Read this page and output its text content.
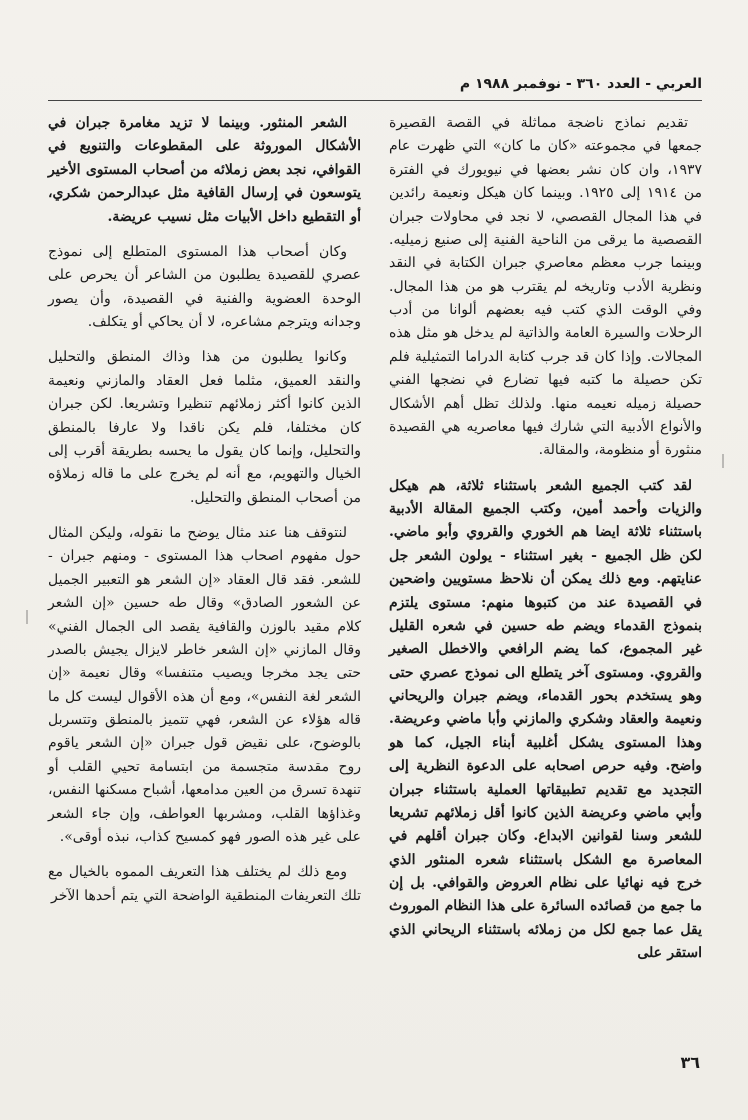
العربي - العدد ٣٦٠ - نوفمبر ١٩٨٨ م

تقديم نماذج ناضجة مماثلة في القصة القصيرة جمعها في مجموعته «كان ما كان» التي ظهرت عام ١٩٣٧، وان كان نشر بعضها في نيويورك في الفترة من ١٩١٤ إلى ١٩٢٥. وبينما كان هيكل ونعيمة رائدين في هذا المجال القصصي، لا نجد في محاولات جبران القصصية ما يرقى من الناحية الفنية إلى صنيع زميليه. وبينما جرب معظم معاصري جبران الكتابة في النقد ونظرية الأدب وتاريخه لم يقترب هو من هذا المجال. وفي الوقت الذي كتب فيه بعضهم ألوانا من أدب الرحلات والسيرة العامة والذاتية لم يدخل هو مثل هذه المجالات. وإذا كان قد جرب كتابة الدراما التمثيلية فلم تكن حصيلة ما كتبه فيها تضارع في نضجها الفني حصيلة زميله نعيمه منها. ولذلك تظل أهم الأشكال والأنواع الأدبية التي شارك فيها معاصريه هي القصيدة منثورة أو منظومة، والمقالة.

لقد كتب الجميع الشعر باستثناء ثلاثة، هم هيكل والزيات وأحمد أمين، وكتب الجميع المقالة الأدبية باستثناء ثلاثة ايضا هم الخوري والقروي وأبو ماضي. لكن ظل الجميع - بغير استثناء - يولون الشعر جل عنايتهم. ومع ذلك يمكن أن نلاحظ مستويين واضحين في القصيدة عند من كتبوها منهم: مستوى يلتزم بنموذج القدماء ويضم طه حسين في شعره القليل غير المجموع، كما يضم الرافعي والاخطل الصغير والقروي. ومستوى آخر يتطلع الى نموذج عصري حتى وهو يستخدم بحور القدماء، ويضم جبران والريحاني ونعيمة والعقاد وشكري والمازني وأبا ماضي وعريضة. وهذا المستوى يشكل أغلبية أبناء الجيل، كما هو واضح. وفيه حرص اصحابه على الدعوة النظرية إلى التجديد مع تقديم تطبيقاتها العملية باستثناء جبران وأبي ماضي وعريضة الذين كانوا أقل زملائهم تشريعا للشعر وسنا لقوانين الابداع. وكان جبران أقلهم في المعاصرة مع الشكل باستثناء شعره المنثور الذي خرج فيه نهائيا على نظام العروض والقوافي. بل إن ما جمع من قصائده السائرة على هذا النظام الموروث يقل عما جمع لكل من زملائه باستثناء الريحاني الذي استقر على

الشعر المنثور. وبينما لا تزيد مغامرة جبران في الأشكال الموروثة على المقطوعات والتنويع في القوافي، نجد بعض زملائه من أصحاب المستوى الأخير يتوسعون في إرسال القافية مثل عبدالرحمن شكري، أو التقطيع داخل الأبيات مثل نسيب عريضة.

وكان أصحاب هذا المستوى المتطلع إلى نموذج عصري للقصيدة يطلبون من الشاعر أن يحرص على الوحدة العضوية والفنية في القصيدة، وأن يصور وجدانه ويترجم مشاعره، لا أن يحاكي أو يتكلف.

وكانوا يطلبون من هذا وذاك المنطق والتحليل والنقد العميق، مثلما فعل العقاد والمازني ونعيمة الذين كانوا أكثر زملائهم تنظيرا وتشريعا. لكن جبران كان مختلفا، فلم يكن ناقدا ولا عارفا بالمنطق والتحليل، وإنما كان يقول ما يحسه بطريقة أقرب إلى الخيال والتهويم، مع أنه لم يخرج على ما قاله زملاؤه من أصحاب المنطق والتحليل.

لنتوقف هنا عند مثال يوضح ما نقوله، وليكن المثال حول مفهوم اصحاب هذا المستوى - ومنهم جبران - للشعر. فقد قال العقاد «إن الشعر هو التعبير الجميل عن الشعور الصادق» وقال طه حسين «إن الشعر كلام مقيد بالوزن والقافية يقصد الى الجمال الفني» وقال المازني «إن الشعر خاطر لايزال يجيش بالصدر حتى يجد مخرجا ويصيب متنفسا» وقال نعيمة «إن الشعر لغة النفس»، ومع أن هذه الأقوال ليست كل ما قاله هؤلاء عن الشعر، فهي تتميز بالمنطق وتتسربل بالوضوح، على نقيض قول جبران «إن الشعر ياقوم روح مقدسة متجسمة من ابتسامة تحيي القلب أو تنهدة تسرق من العين مدامعها، أشباح مسكنها النفس، وغذاؤها القلب، ومشربها العواطف، وإن جاء الشعر على غير هذه الصور فهو كمسيح كذاب، نبذه أوقى».

ومع ذلك لم يختلف هذا التعريف المموه بالخيال مع تلك التعريفات المنطقية الواضحة التي يتم أحدها الآخر

٣٦
